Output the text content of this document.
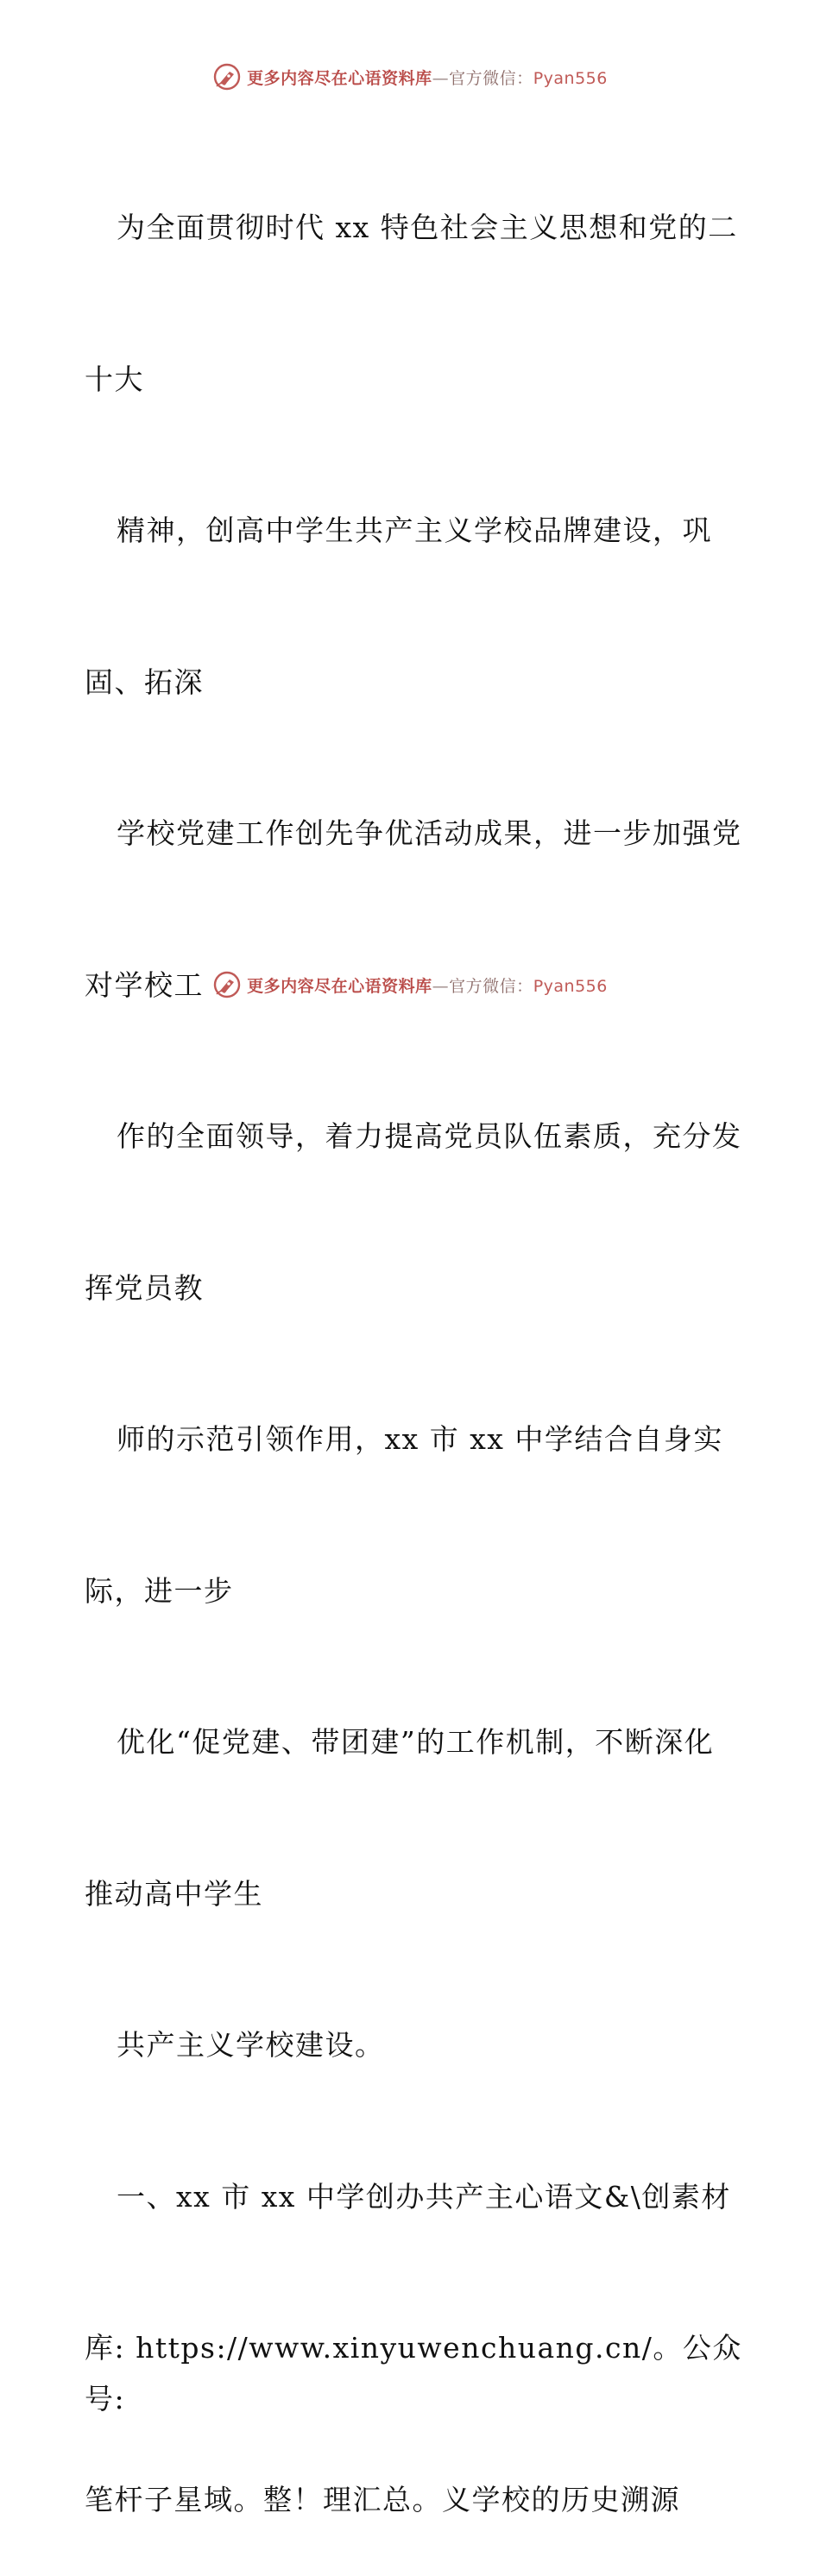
更多内容尽在心语资料库—官方微信：Pyan556

为全面贯彻时代 xx 特色社会主义思想和党的二

十大

精神，创高中学生共产主义学校品牌建设，巩

固、拓深

学校党建工作创先争优活动成果，进一步加强党

对学校工

作的全面领导，着力提高党员队伍素质，充分发

挥党员教

师的示范引领作用，xx 市 xx 中学结合自身实

际，进一步

优化“促党建、带团建”的工作机制，不断深化

推动高中学生

共产主义学校建设。

一、xx 市 xx 中学创办共产主心语文&\创素材

库: https://www.xinyuwenchuang.cn/。公众号:

笔杆子星域。整！理汇总。义学校的历史溯源

更多内容尽在心语资料库—官方微信：Pyan556
